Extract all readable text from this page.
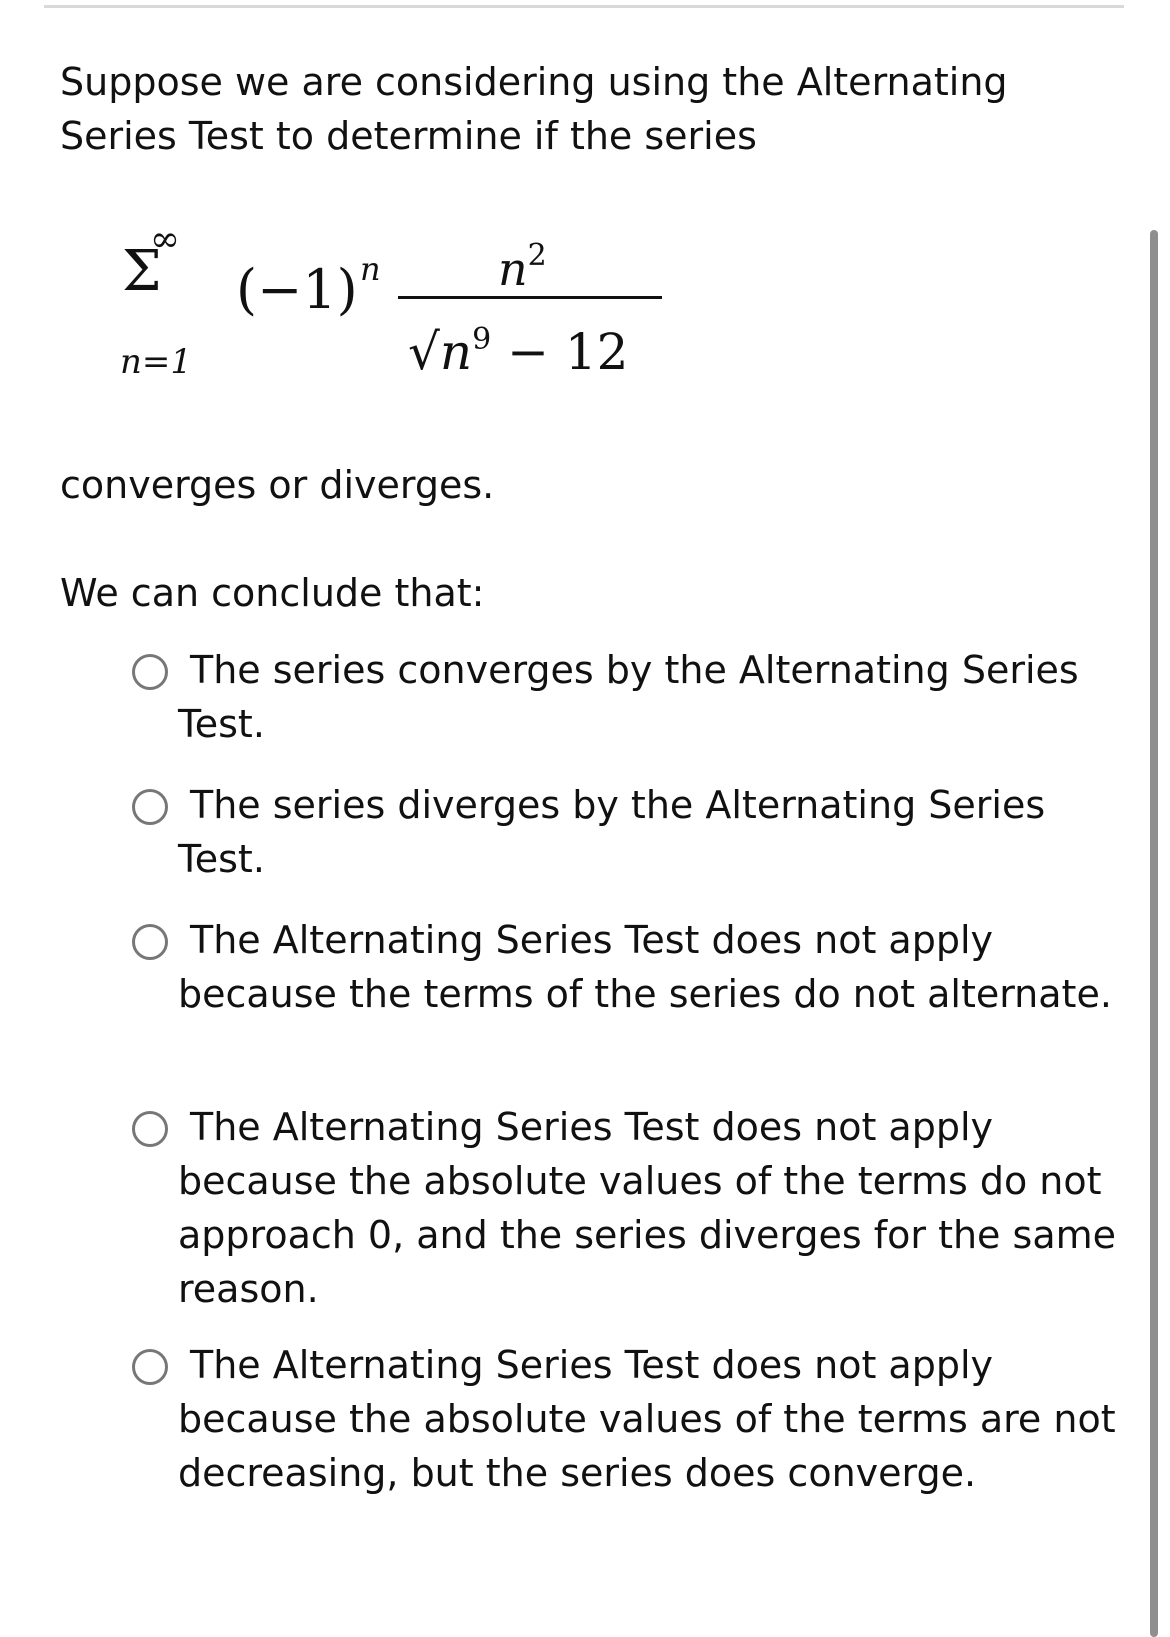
Suppose we are considering using the Alternating Series Test to determine if the series
∞
Σ
n=1
(−1) n	$n^2$
$√n^9 - 12$
converges or diverges.
We can conclude that:
The series converges by the Alternating Series Test.
The series diverges by the Alternating Series Test.
The Alternating Series Test does not apply because the terms of the series do not alternate.
The Alternating Series Test does not apply because the absolute values of the terms do not approach 0, and the series diverges for the same reason.
The Alternating Series Test does not apply because the absolute values of the terms are not decreasing, but the series does converge.
